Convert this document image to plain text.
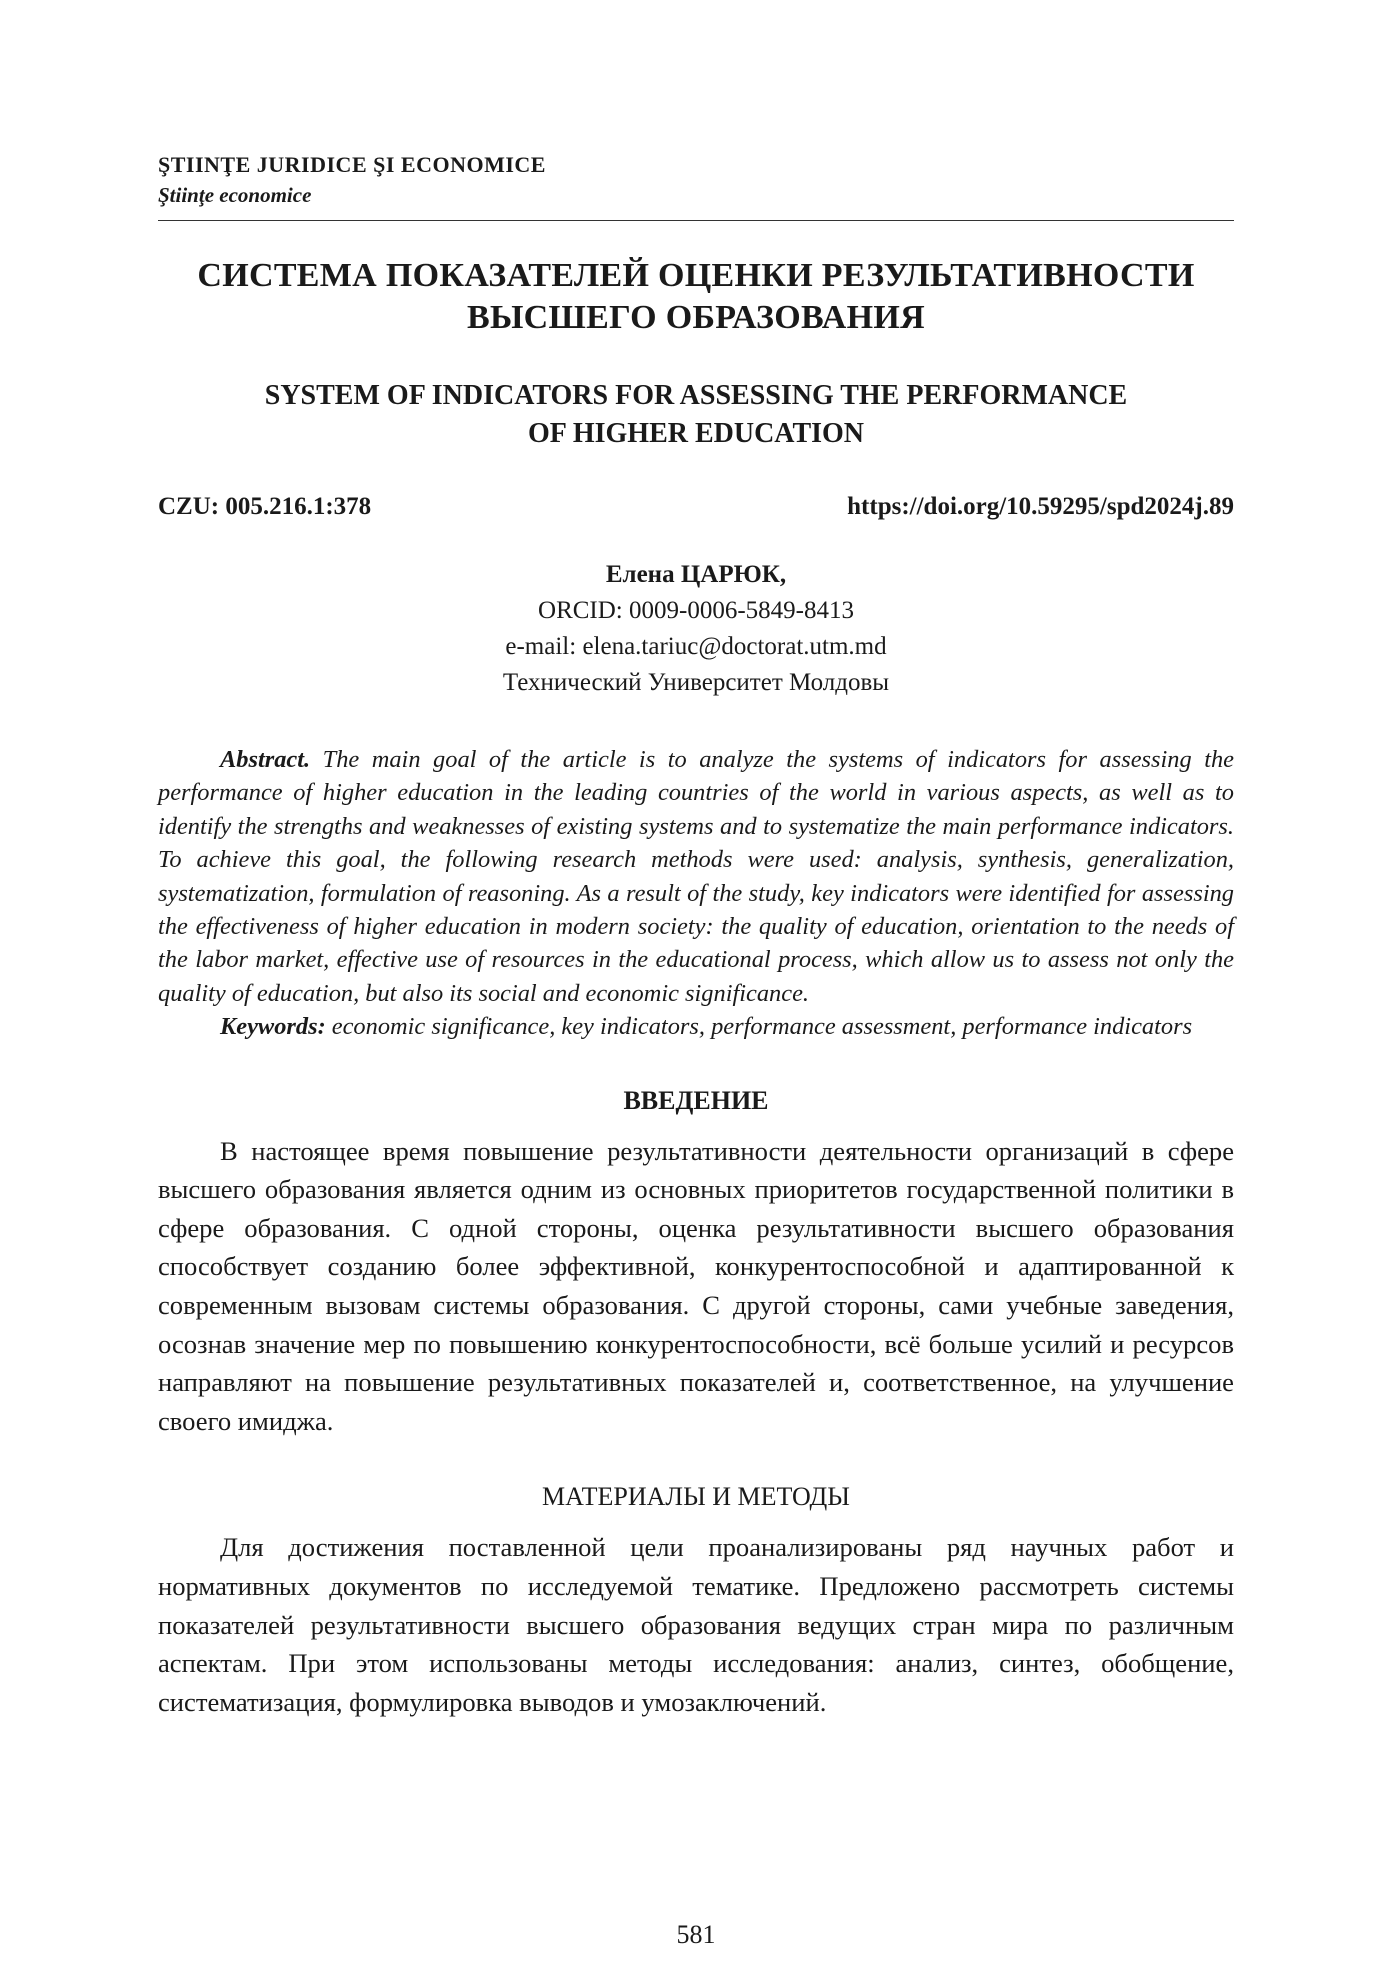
ŞTIINŢE JURIDICE ŞI ECONOMICE
Ştiinţe economice
СИСТЕМА ПОКАЗАТЕЛЕЙ ОЦЕНКИ РЕЗУЛЬТАТИВНОСТИ
ВЫСШЕГО ОБРАЗОВАНИЯ
SYSTEM OF INDICATORS FOR ASSESSING THE PERFORMANCE
OF HIGHER EDUCATION
CZU: 005.216.1:378	https://doi.org/10.59295/spd2024j.89
Елена ЦАРЮК,
ORCID: 0009-0006-5849-8413
e-mail: elena.tariuc@doctorat.utm.md
Технический Университет Молдовы

Abstract. The main goal of the article is to analyze the systems of indicators for assessing the performance of higher education in the leading countries of the world in various aspects, as well as to identify the strengths and weaknesses of existing systems and to systematize the main performance indicators. To achieve this goal, the following research methods were used: analysis, synthesis, generalization, systematization, formulation of reasoning. As a result of the study, key indicators were identified for assessing the effectiveness of higher education in modern society: the quality of education, orientation to the needs of the labor market, effective use of resources in the educational process, which allow us to assess not only the quality of education, but also its social and economic significance.

Keywords: economic significance, key indicators, performance assessment, performance indicators

ВВЕДЕНИЕ

В настоящее время повышение результативности деятельности организаций в сфере высшего образования является одним из основных приоритетов государственной политики в сфере образования. С одной стороны, оценка результативности высшего образования способствует созданию более эффективной, конкурентоспособной и адаптированной к современным вызовам системы образования. С другой стороны, сами учебные заведения, осознав значение мер по повышению конкурентоспособности, всё больше усилий и ресурсов направляют на повышение результативных показателей и, соответственное, на улучшение своего имиджа.

МАТЕРИАЛЫ И МЕТОДЫ

Для достижения поставленной цели проанализированы ряд научных работ и нормативных документов по исследуемой тематике. Предложено рассмотреть системы показателей результативности высшего образования ведущих стран мира по различным аспектам. При этом использованы методы исследования: анализ, синтез, обобщение, систематизация, формулировка выводов и умозаключений.

581
